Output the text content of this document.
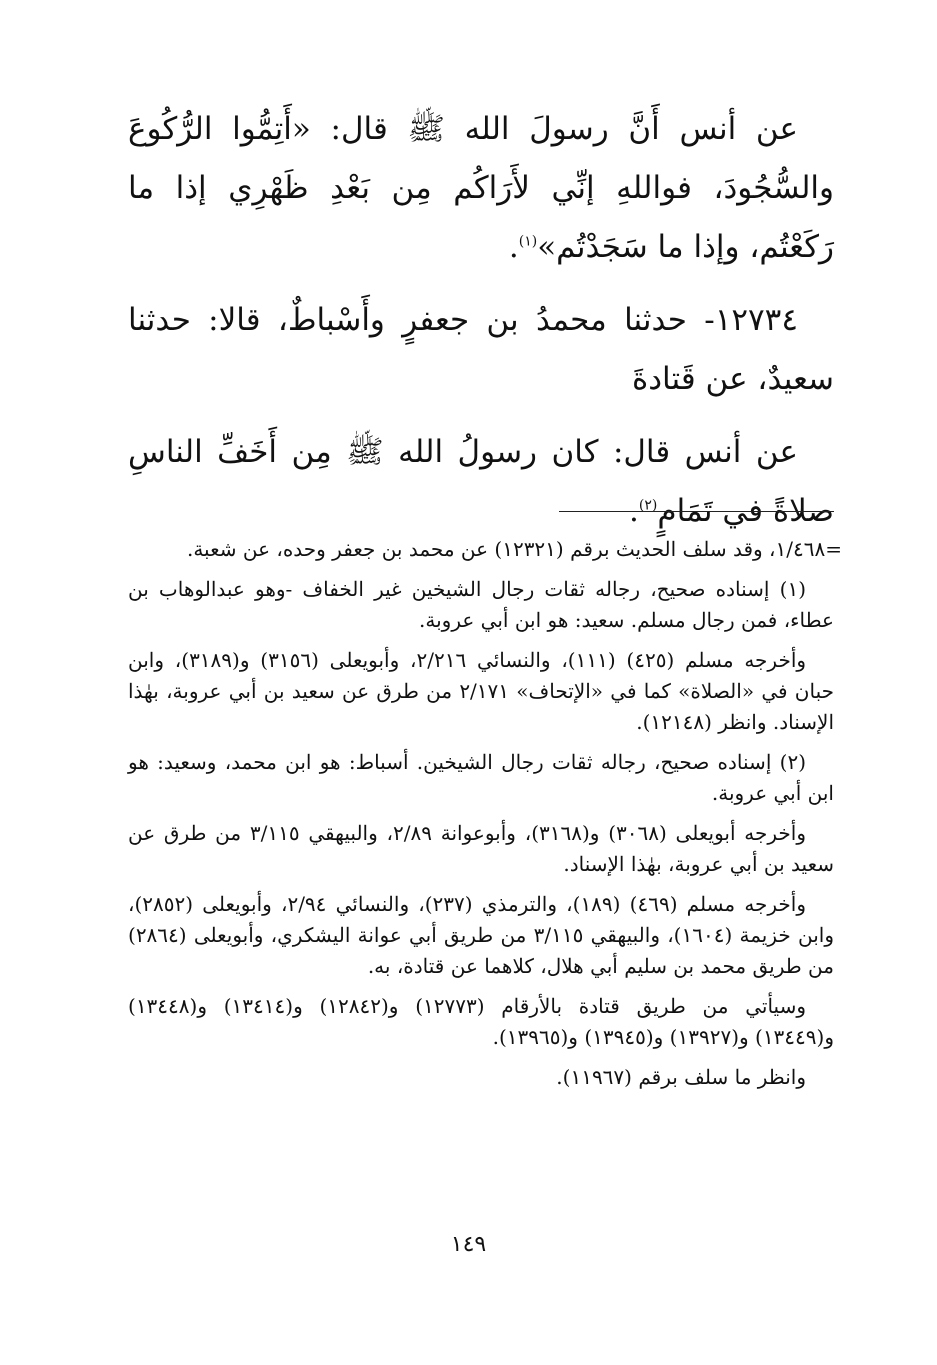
عن أنس أَنَّ رسولَ الله ﷺ قال: «أَتِمُّوا الرُّكُوعَ والسُّجُودَ، فواللهِ إنِّي لأَرَاكُم مِن بَعْدِ ظَهْرِي إذا ما رَكَعْتُم، وإذا ما سَجَدْتُم»$^{(١)}$.

١٢٧٣٤- حدثنا محمدُ بن جعفرٍ وأَسْباطٌ، قالا: حدثنا سعيدٌ، عن قَتادةَ

عن أنس قال: كان رسولُ الله ﷺ مِن أَخَفِّ الناسِ صلاةً في تَمَامٍ$^{(٢)}$.

=١/٤٦٨، وقد سلف الحديث برقم (١٢٣٢١) عن محمد بن جعفر وحده، عن شعبة.

(١) إسناده صحيح، رجاله ثقات رجال الشيخين غير الخفاف -وهو عبدالوهاب بن عطاء، فمن رجال مسلم. سعيد: هو ابن أبي عروبة.

وأخرجه مسلم (٤٢٥) (١١١)، والنسائي ٢/٢١٦، وأبويعلى (٣١٥٦) و(٣١٨٩)، وابن حبان في «الصلاة» كما في «الإتحاف» ٢/١٧١ من طرق عن سعيد بن أبي عروبة، بهٰذا الإسناد. وانظر (١٢١٤٨).

(٢) إسناده صحيح، رجاله ثقات رجال الشيخين. أسباط: هو ابن محمد، وسعيد: هو ابن أبي عروبة.

وأخرجه أبويعلى (٣٠٦٨) و(٣١٦٨)، وأبوعوانة ٢/٨٩، والبيهقي ٣/١١٥ من طرق عن سعيد بن أبي عروبة، بهٰذا الإسناد.

وأخرجه مسلم (٤٦٩) (١٨٩)، والترمذي (٢٣٧)، والنسائي ٢/٩٤، وأبويعلى (٢٨٥٢)، وابن خزيمة (١٦٠٤)، والبيهقي ٣/١١٥ من طريق أبي عوانة اليشكري، وأبويعلى (٢٨٦٤) من طريق محمد بن سليم أبي هلال، كلاهما عن قتادة، به.

وسيأتي من طريق قتادة بالأرقام (١٢٧٧٣) و(١٢٨٤٢) و(١٣٤١٤) و(١٣٤٤٨) و(١٣٤٤٩) و(١٣٩٢٧) و(١٣٩٤٥) و(١٣٩٦٥).

وانظر ما سلف برقم (١١٩٦٧).

١٤٩
